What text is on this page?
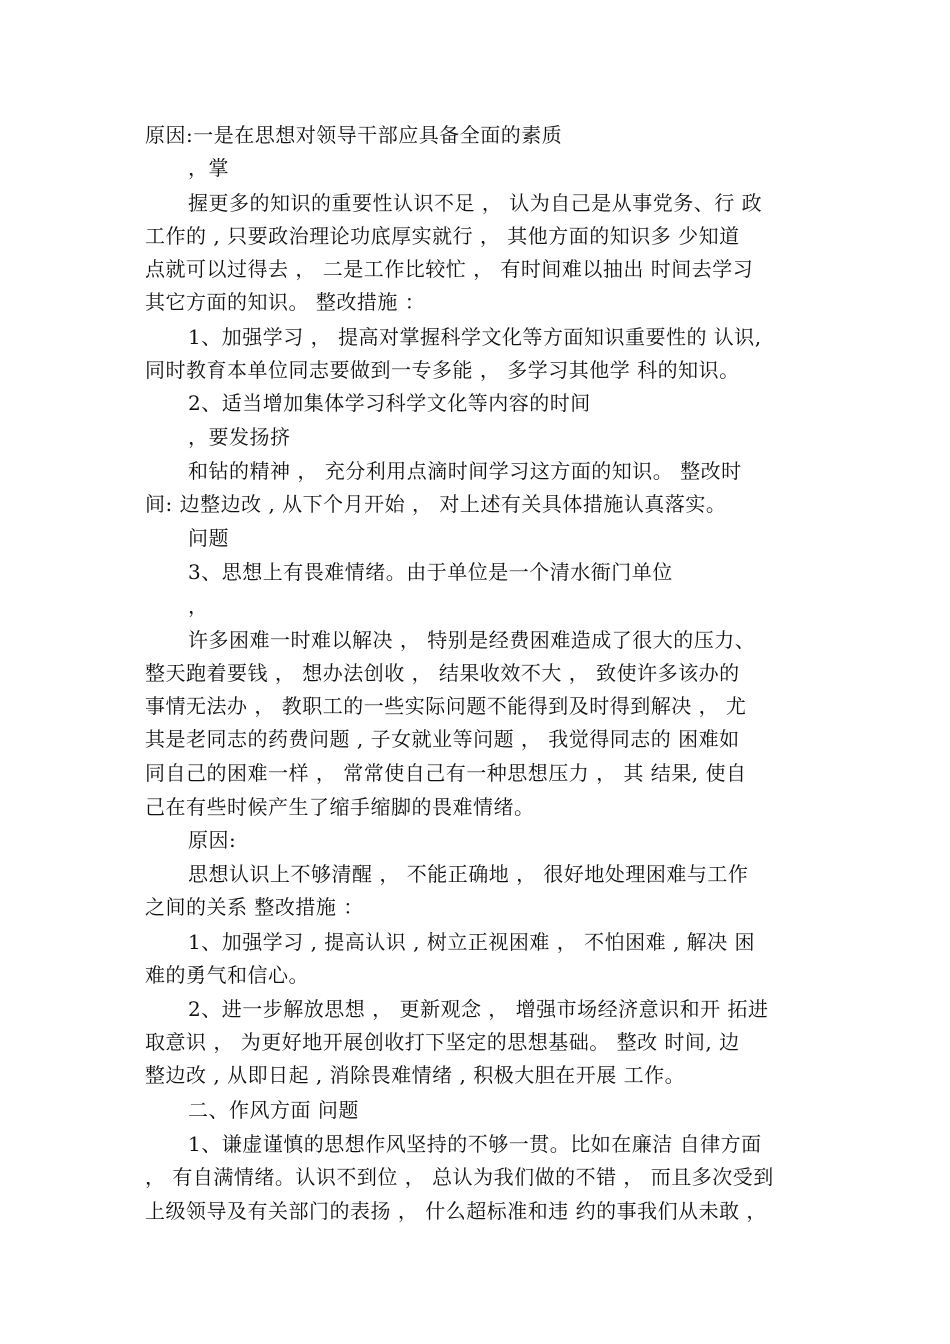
原因:一是在思想对领导干部应具备全面的素质
，掌
握更多的知识的重要性认识不足 ， 认为自己是从事党务、行 政
工作的 , 只要政治理论功底厚实就行 ， 其他方面的知识多 少知道
点就可以过得去 ， 二是工作比较忙 ， 有时间难以抽出 时间去学习
其它方面的知识。 整改措施 ：
1、加强学习 ， 提高对掌握科学文化等方面知识重要性的 认识,
同时教育本单位同志要做到一专多能 ， 多学习其他学 科的知识。
2、适当增加集体学习科学文化等内容的时间
，要发扬挤
和钻的精神 ， 充分利用点滴时间学习这方面的知识。 整改时
间: 边整边改 , 从下个月开始 ， 对上述有关具体措施认真落实。
问题
3、思想上有畏难情绪。由于单位是一个清水衙门单位
，
许多困难一时难以解决 ， 特别是经费困难造成了很大的压力、
整天跑着要钱 ， 想办法创收 ， 结果收效不大 ， 致使许多该办的
事情无法办 ， 教职工的一些实际问题不能得到及时得到解决 ， 尤
其是老同志的药费问题 , 子女就业等问题 ， 我觉得同志的 困难如
同自己的困难一样 ， 常常使自己有一种思想压力 ， 其 结果, 使自
己在有些时候产生了缩手缩脚的畏难情绪。
原因:
思想认识上不够清醒 ， 不能正确地 ， 很好地处理困难与工作
之间的关系 整改措施 ：
1、加强学习 , 提高认识 , 树立正视困难 ， 不怕困难 , 解决 困
难的勇气和信心。
2、进一步解放思想 ， 更新观念 ， 增强市场经济意识和开 拓进
取意识 ， 为更好地开展创收打下坚定的思想基础。 整改 时间, 边
整边改 , 从即日起 , 消除畏难情绪 , 积极大胆在开展 工作。
二、作风方面 问题
1、谦虚谨慎的思想作风坚持的不够一贯。比如在廉洁 自律方面
， 有自满情绪。认识不到位 ， 总认为我们做的不错 ， 而且多次受到
上级领导及有关部门的表扬 ， 什么超标准和违 约的事我们从未敢 ，
